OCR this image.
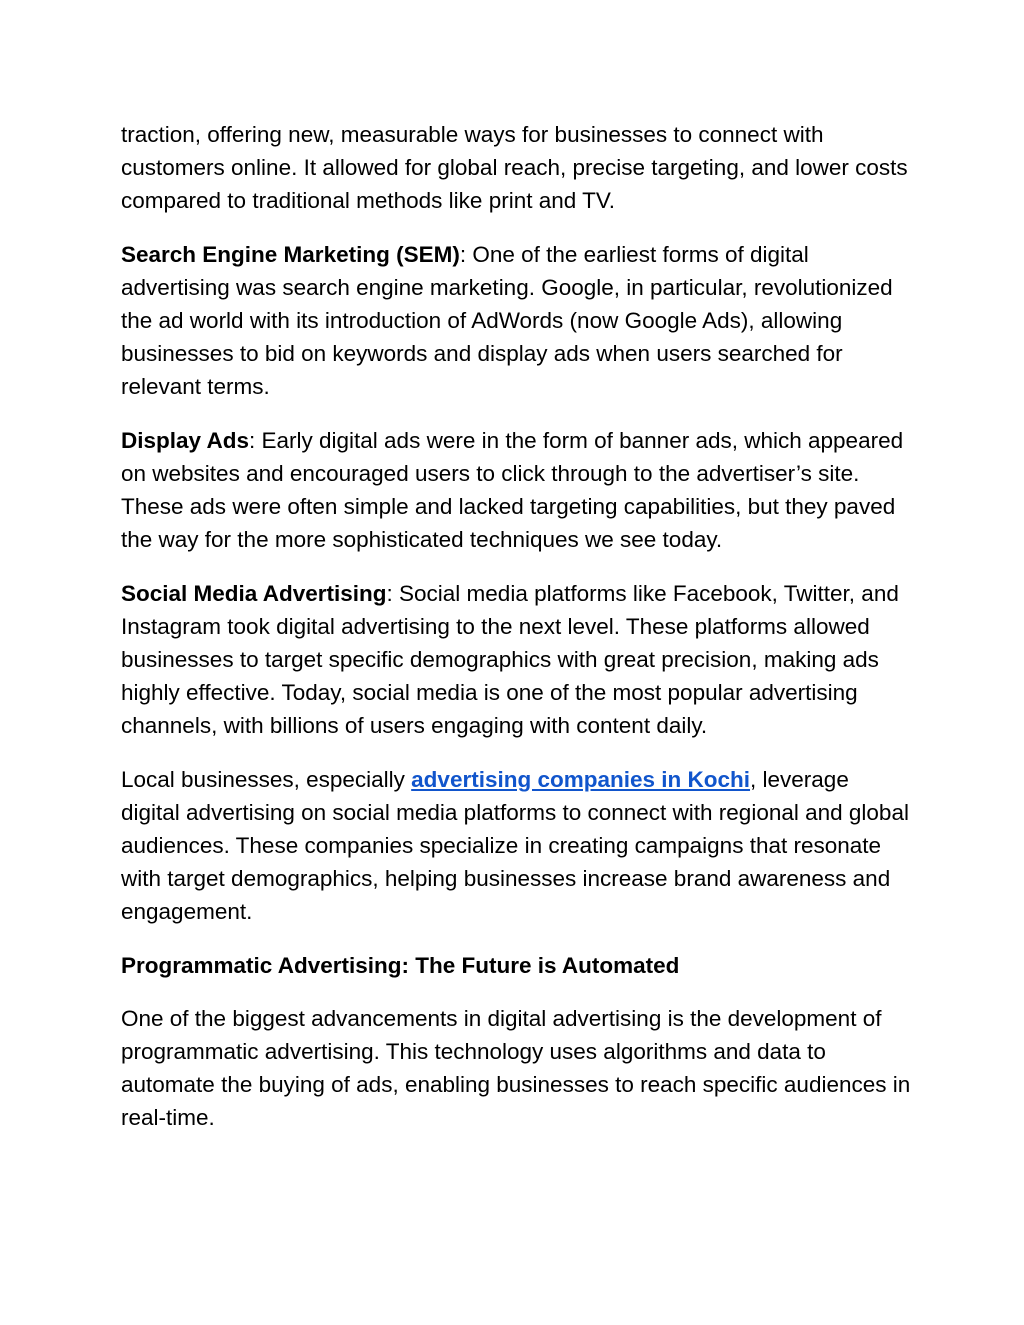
traction, offering new, measurable ways for businesses to connect with customers online. It allowed for global reach, precise targeting, and lower costs compared to traditional methods like print and TV.

Search Engine Marketing (SEM): One of the earliest forms of digital advertising was search engine marketing. Google, in particular, revolutionized the ad world with its introduction of AdWords (now Google Ads), allowing businesses to bid on keywords and display ads when users searched for relevant terms.

Display Ads: Early digital ads were in the form of banner ads, which appeared on websites and encouraged users to click through to the advertiser’s site. These ads were often simple and lacked targeting capabilities, but they paved the way for the more sophisticated techniques we see today.

Social Media Advertising: Social media platforms like Facebook, Twitter, and Instagram took digital advertising to the next level. These platforms allowed businesses to target specific demographics with great precision, making ads highly effective. Today, social media is one of the most popular advertising channels, with billions of users engaging with content daily.

Local businesses, especially advertising companies in Kochi, leverage digital advertising on social media platforms to connect with regional and global audiences. These companies specialize in creating campaigns that resonate with target demographics, helping businesses increase brand awareness and engagement.

Programmatic Advertising: The Future is Automated

One of the biggest advancements in digital advertising is the development of programmatic advertising. This technology uses algorithms and data to automate the buying of ads, enabling businesses to reach specific audiences in real-time.
